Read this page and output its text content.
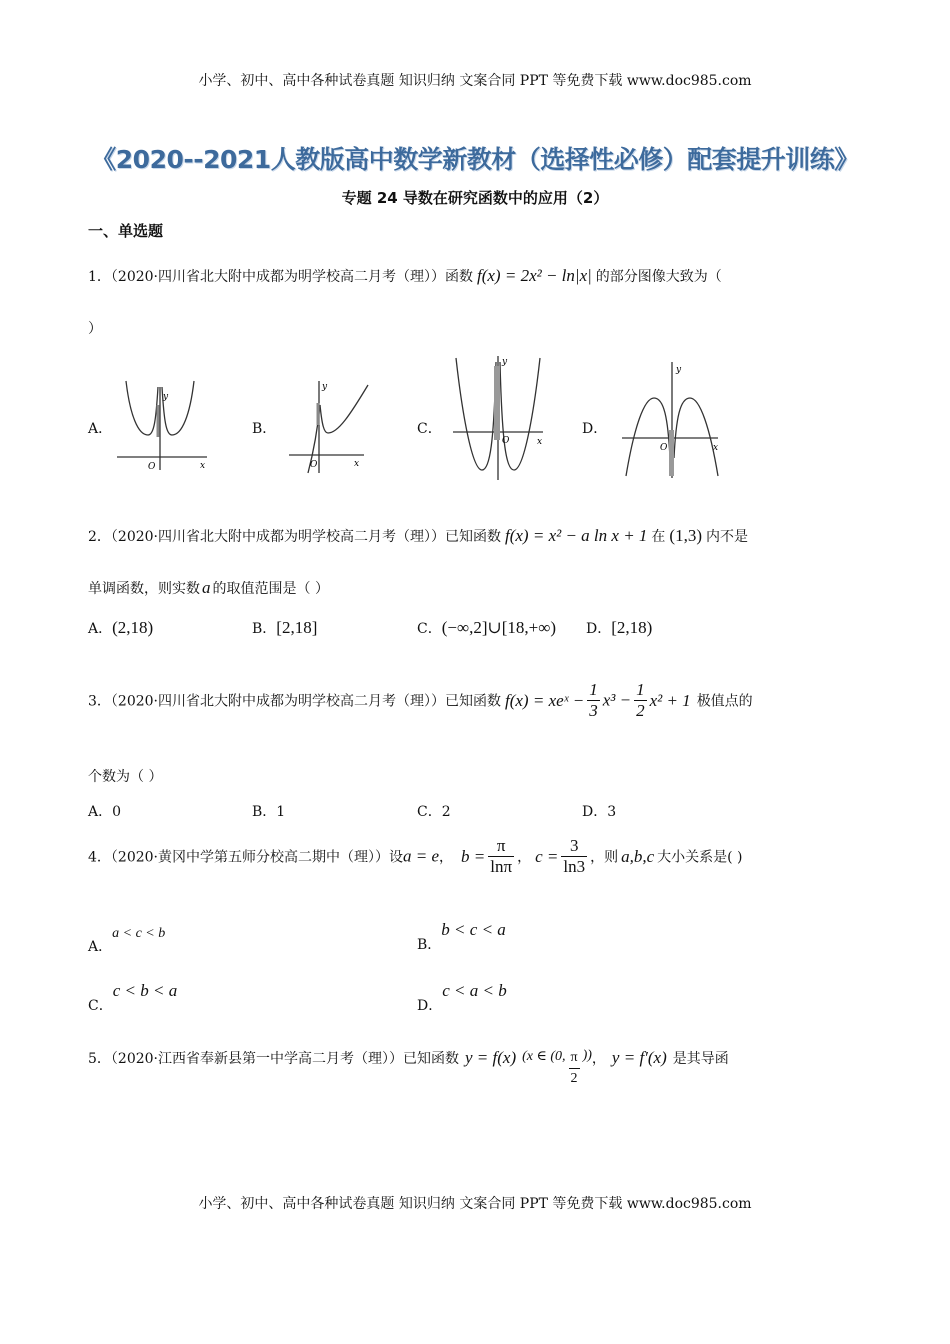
小学、初中、高中各种试卷真题 知识归纳 文案合同 PPT 等免费下载 www.doc985.com
《2020--2021人教版高中数学新教材（选择性必修）配套提升训练》
专题 24 导数在研究函数中的应用（2）
一、单选题
1．（2020·四川省北大附中成都为明学校高二月考（理））函数 f(x) = 2x² − ln|x| 的部分图像大致为（
）
A．	B．	C．	D．
y
x
O
y
x
O
y
x
O
y
x
O
2．（2020·四川省北大附中成都为明学校高二月考（理））已知函数 f(x) = x² − a ln x + 1 在 (1,3) 内不是
单调函数，则实数 a 的取值范围是（ ）
A．(2,18)	B．[2,18]	C．(−∞,2]∪[18,+∞) D．[2,18)
3．（2020·四川省北大附中成都为明学校高二月考（理））已知函数 f(x) = xeˣ − $\frac{1}{3} x^3 - \frac{1}{2} x^2 + 1$ 极值点的
个数为（ ）
A．0	B．1	C．2	D．3
4．（2020·黄冈中学第五师分校高二期中（理））设a = e， $b = \frac{\pi}{\ln\pi}$ ， $c = \frac{3}{\ln 3}$ ，则 a,b,c 大小关系是( )
A．a < c < b
B．b < c < a
C．c < b < a
D．c < a < b
5．（2020·江西省奉新县第一中学高二月考（理））已知函数 y = f(x) (x ∈ (0, $\frac{\pi}{2}$ ))， y = f′(x) 是其导函
小学、初中、高中各种试卷真题 知识归纳 文案合同 PPT 等免费下载 www.doc985.com
